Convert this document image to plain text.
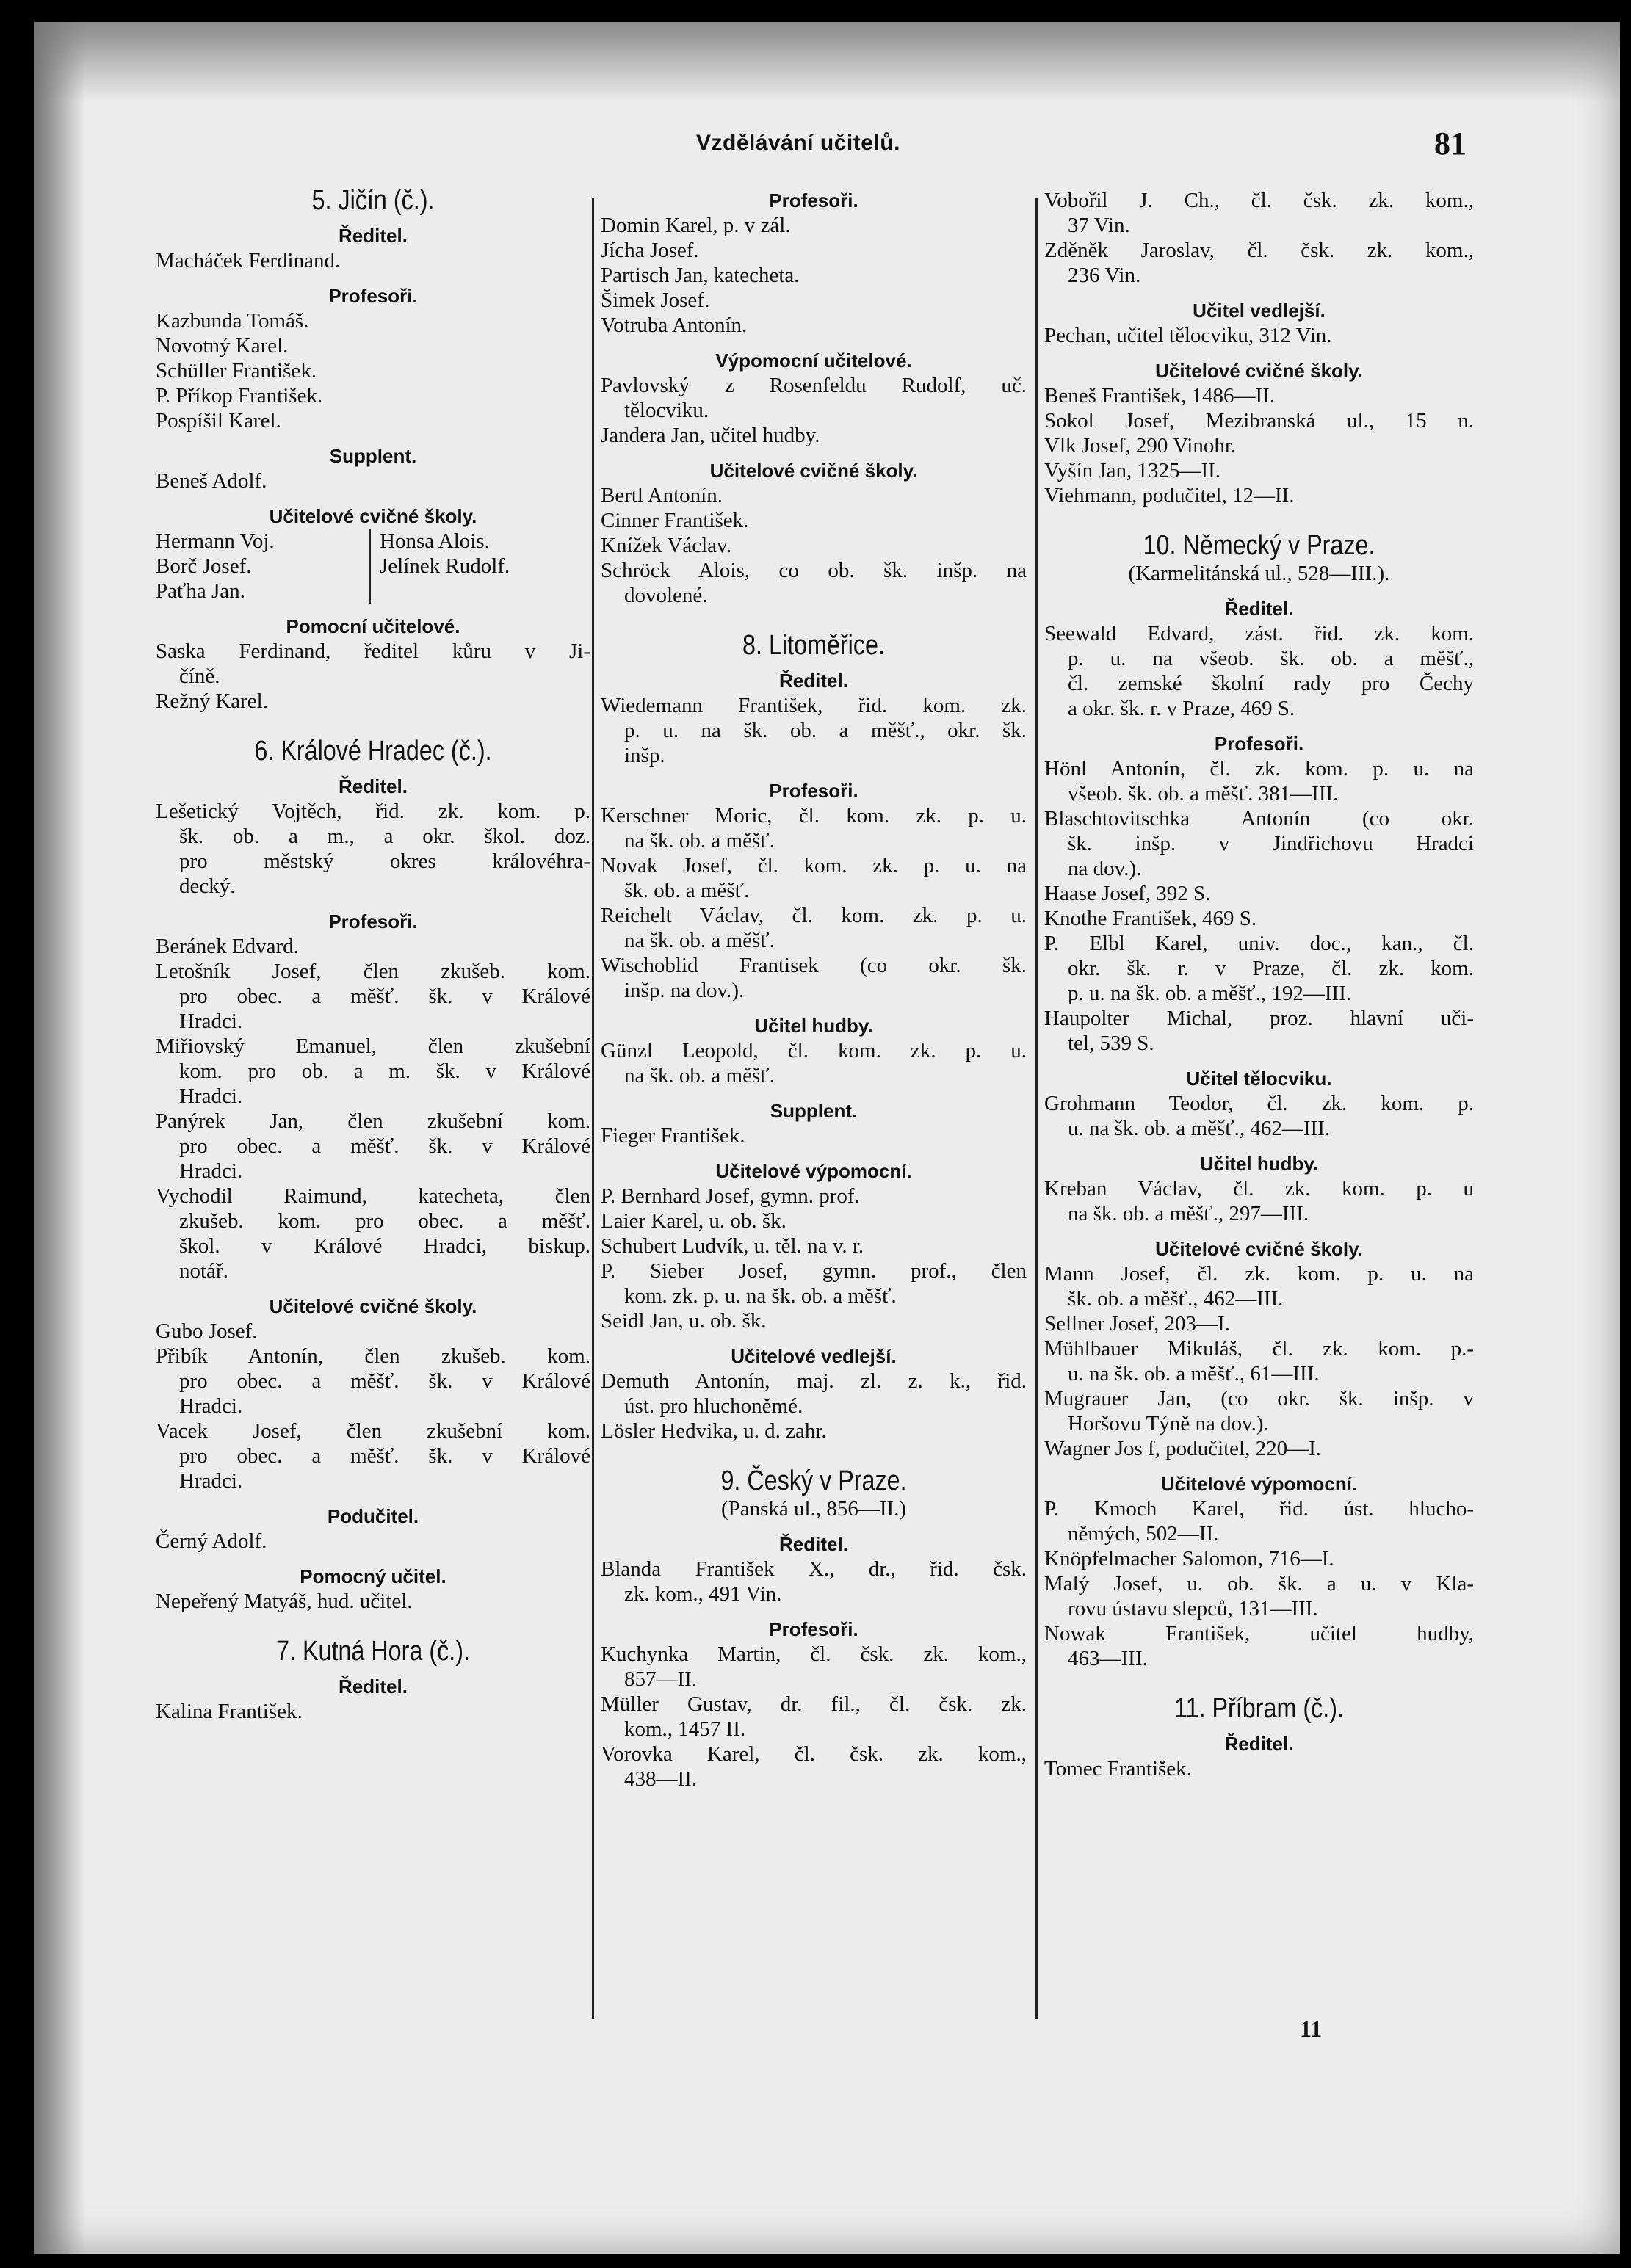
Vzdělávání učitelů.	81
5. Jičín (č.).
Ředitel.
Macháček Ferdinand.
Profesoři.
Kazbunda Tomáš.
Novotný Karel.
Schüller František.
P. Příkop František.
Pospíšil Karel.
Supplent.
Beneš Adolf.
Učitelové cvičné školy.
Hermann Voj.
Borč Josef.
Paťha Jan.
Honsa Alois.
Jelínek Rudolf.
Pomocní učitelové.
Saska Ferdinand, ředitel kůru v Ji-
číně.
Režný Karel.
6. Králové Hradec (č.).
Ředitel.
Lešetický Vojtěch, řid. zk. kom. p.
šk. ob. a m., a okr. škol. doz.
pro městský okres královéhra-
decký.
Profesoři.
Beránek Edvard.
Letošník Josef, člen zkušeb. kom.
pro obec. a měšť. šk. v Králové
Hradci.
Miřiovský Emanuel, člen zkušební
kom. pro ob. a m. šk. v Králové
Hradci.
Panýrek Jan, člen zkušební kom.
pro obec. a měšť. šk. v Králové
Hradci.
Vychodil Raimund, katecheta, člen
zkušeb. kom. pro obec. a měšť.
škol. v Králové Hradci, biskup.
notář.
Učitelové cvičné školy.
Gubo Josef.
Přibík Antonín, člen zkušeb. kom.
pro obec. a měšť. šk. v Králové
Hradci.
Vacek Josef, člen zkušební kom.
pro obec. a měšť. šk. v Králové
Hradci.
Podučitel.
Černý Adolf.
Pomocný učitel.
Nepeřený Matyáš, hud. učitel.
7. Kutná Hora (č.).
Ředitel.
Kalina František.
Profesoři.
Domin Karel, p. v zál.
Jícha Josef.
Partisch Jan, katecheta.
Šimek Josef.
Votruba Antonín.
Výpomocní učitelové.
Pavlovský z Rosenfeldu Rudolf, uč.
tělocviku.
Jandera Jan, učitel hudby.
Učitelové cvičné školy.
Bertl Antonín.
Cinner František.
Knížek Václav.
Schröck Alois, co ob. šk. inšp. na
dovolené.
8. Litoměřice.
Ředitel.
Wiedemann František, řid. kom. zk.
p. u. na šk. ob. a měšť., okr. šk.
inšp.
Profesoři.
Kerschner Moric, čl. kom. zk. p. u.
na šk. ob. a měšť.
Novak Josef, čl. kom. zk. p. u. na
šk. ob. a měšť.
Reichelt Václav, čl. kom. zk. p. u.
na šk. ob. a měšť.
Wischoblid Frantisek (co okr. šk.
inšp. na dov.).
Učitel hudby.
Günzl Leopold, čl. kom. zk. p. u.
na šk. ob. a měšť.
Supplent.
Fieger František.
Učitelové výpomocní.
P. Bernhard Josef, gymn. prof.
Laier Karel, u. ob. šk.
Schubert Ludvík, u. těl. na v. r.
P. Sieber Josef, gymn. prof., člen
kom. zk. p. u. na šk. ob. a měšť.
Seidl Jan, u. ob. šk.
Učitelové vedlejší.
Demuth Antonín, maj. zl. z. k., řid.
úst. pro hluchoněmé.
Lösler Hedvika, u. d. zahr.
9. Český v Praze.
(Panská ul., 856—II.)
Ředitel.
Blanda František X., dr., řid. čsk.
zk. kom., 491 Vin.
Profesoři.
Kuchynka Martin, čl. čsk. zk. kom.,
857—II.
Müller Gustav, dr. fil., čl. čsk. zk.
kom., 1457 II.
Vorovka Karel, čl. čsk. zk. kom.,
438—II.
Vobořil J. Ch., čl. čsk. zk. kom.,
37 Vin.
Zděněk Jaroslav, čl. čsk. zk. kom.,
236 Vin.
Učitel vedlejší.
Pechan, učitel tělocviku, 312 Vin.
Učitelové cvičné školy.
Beneš František, 1486—II.
Sokol Josef, Mezibranská ul., 15 n.
Vlk Josef, 290 Vinohr.
Vyšín Jan, 1325—II.
Viehmann, podučitel, 12—II.
10. Německý v Praze.
(Karmelitánská ul., 528—III.).
Ředitel.
Seewald Edvard, zást. řid. zk. kom.
p. u. na všeob. šk. ob. a měšť.,
čl. zemské školní rady pro Čechy
a okr. šk. r. v Praze, 469 S.
Profesoři.
Hönl Antonín, čl. zk. kom. p. u. na
všeob. šk. ob. a měšť. 381—III.
Blaschtovitschka Antonín (co okr.
šk. inšp. v Jindřichovu Hradci
na dov.).
Haase Josef, 392 S.
Knothe František, 469 S.
P. Elbl Karel, univ. doc., kan., čl.
okr. šk. r. v Praze, čl. zk. kom.
p. u. na šk. ob. a měšť., 192—III.
Haupolter Michal, proz. hlavní uči-
tel, 539 S.
Učitel tělocviku.
Grohmann Teodor, čl. zk. kom. p.
u. na šk. ob. a měšť., 462—III.
Učitel hudby.
Kreban Václav, čl. zk. kom. p. u
na šk. ob. a měšť., 297—III.
Učitelové cvičné školy.
Mann Josef, čl. zk. kom. p. u. na
šk. ob. a měšť., 462—III.
Sellner Josef, 203—I.
Mühlbauer Mikuláš, čl. zk. kom. p.-
u. na šk. ob. a měšť., 61—III.
Mugrauer Jan, (co okr. šk. inšp. v
Horšovu Týně na dov.).
Wagner Jos f, podučitel, 220—I.
Učitelové výpomocní.
P. Kmoch Karel, řid. úst. hlucho-
němých, 502—II.
Knöpfelmacher Salomon, 716—I.
Malý Josef, u. ob. šk. a u. v Kla-
rovu ústavu slepců, 131—III.
Nowak František, učitel hudby,
463—III.
11. Příbram (č.).
Ředitel.
Tomec František.
11
